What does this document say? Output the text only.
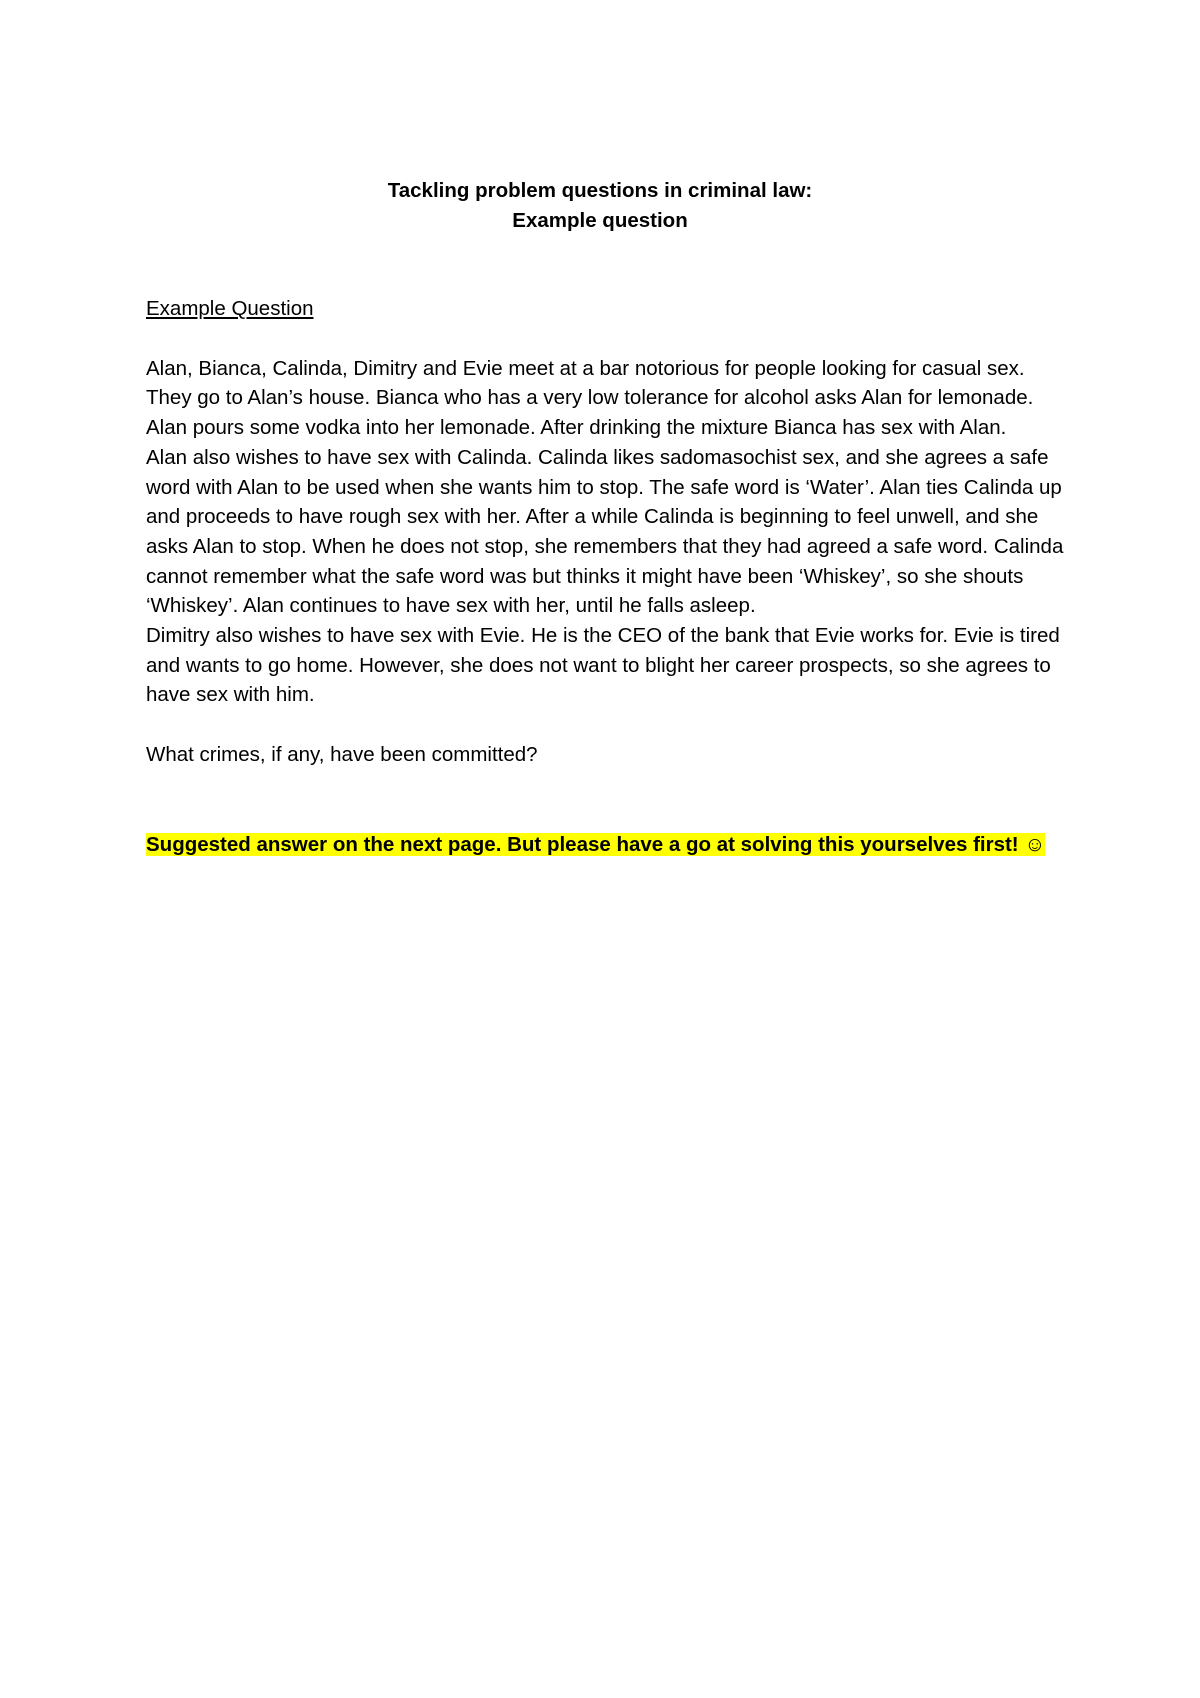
Tackling problem questions in criminal law:
Example question

Example Question

Alan, Bianca, Calinda, Dimitry and Evie meet at a bar notorious for people looking for casual sex. They go to Alan’s house. Bianca who has a very low tolerance for alcohol asks Alan for lemonade. Alan pours some vodka into her lemonade. After drinking the mixture Bianca has sex with Alan.

Alan also wishes to have sex with Calinda. Calinda likes sadomasochist sex, and she agrees a safe word with Alan to be used when she wants him to stop. The safe word is ‘Water’. Alan ties Calinda up and proceeds to have rough sex with her. After a while Calinda is beginning to feel unwell, and she asks Alan to stop. When he does not stop, she remembers that they had agreed a safe word. Calinda cannot remember what the safe word was but thinks it might have been ‘Whiskey’, so she shouts ‘Whiskey’. Alan continues to have sex with her, until he falls asleep.

Dimitry also wishes to have sex with Evie. He is the CEO of the bank that Evie works for. Evie is tired and wants to go home. However, she does not want to blight her career prospects, so she agrees to have sex with him.

What crimes, if any, have been committed?

Suggested answer on the next page. But please have a go at solving this yourselves first! ☺
